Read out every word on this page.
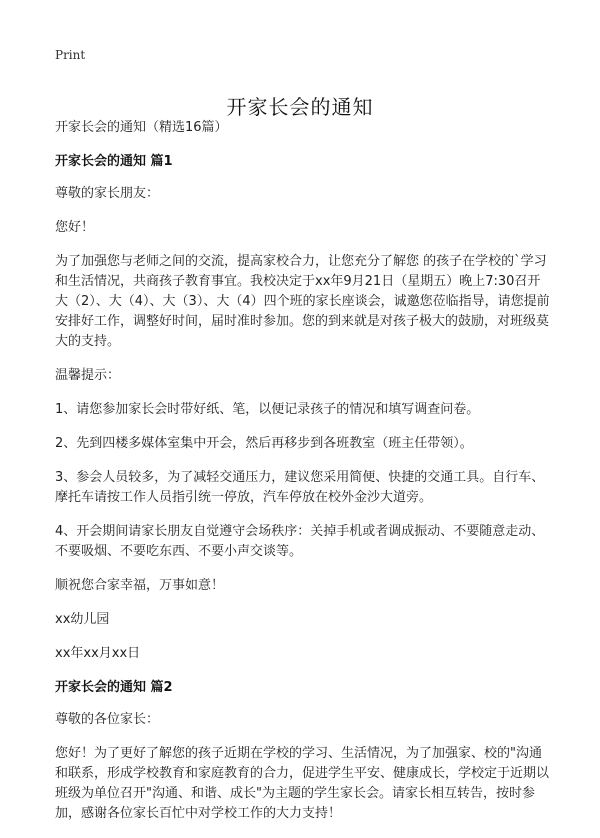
Print
开家长会的通知

开家长会的通知（精选16篇）

开家长会的通知 篇1

尊敬的家长朋友：

您好！

为了加强您与老师之间的交流，提高家校合力，让您充分了解您 的孩子在学校的`学习和生活情况，共商孩子教育事宜。我校决定于xx年9月21日（星期五）晚上7:30召开大（2）、大（4）、大（3）、大（4）四个班的家长座谈会，诚邀您莅临指导，请您提前安排好工作，调整好时间，届时准时参加。您的到来就是对孩子极大的鼓励，对班级莫大的支持。

温馨提示：

1、请您参加家长会时带好纸、笔，以便记录孩子的情况和填写调查问卷。

2、先到四楼多媒体室集中开会，然后再移步到各班教室（班主任带领）。

3、参会人员较多，为了减轻交通压力，建议您采用简便、快捷的交通工具。自行车、摩托车请按工作人员指引统一停放，汽车停放在校外金沙大道旁。

4、开会期间请家长朋友自觉遵守会场秩序：关掉手机或者调成振动、不要随意走动、不要吸烟、不要吃东西、不要小声交谈等。

顺祝您合家幸福，万事如意！

xx幼儿园

xx年xx月xx日

开家长会的通知 篇2

尊敬的各位家长：

您好！为了更好了解您的孩子近期在学校的学习、生活情况，为了加强家、校的"沟通和联系，形成学校教育和家庭教育的合力，促进学生平安、健康成长，学校定于近期以班级为单位召开"沟通、和谐、成长"为主题的学生家长会。请家长相互转告，按时参加，感谢各位家长百忙中对学校工作的大力支持！
